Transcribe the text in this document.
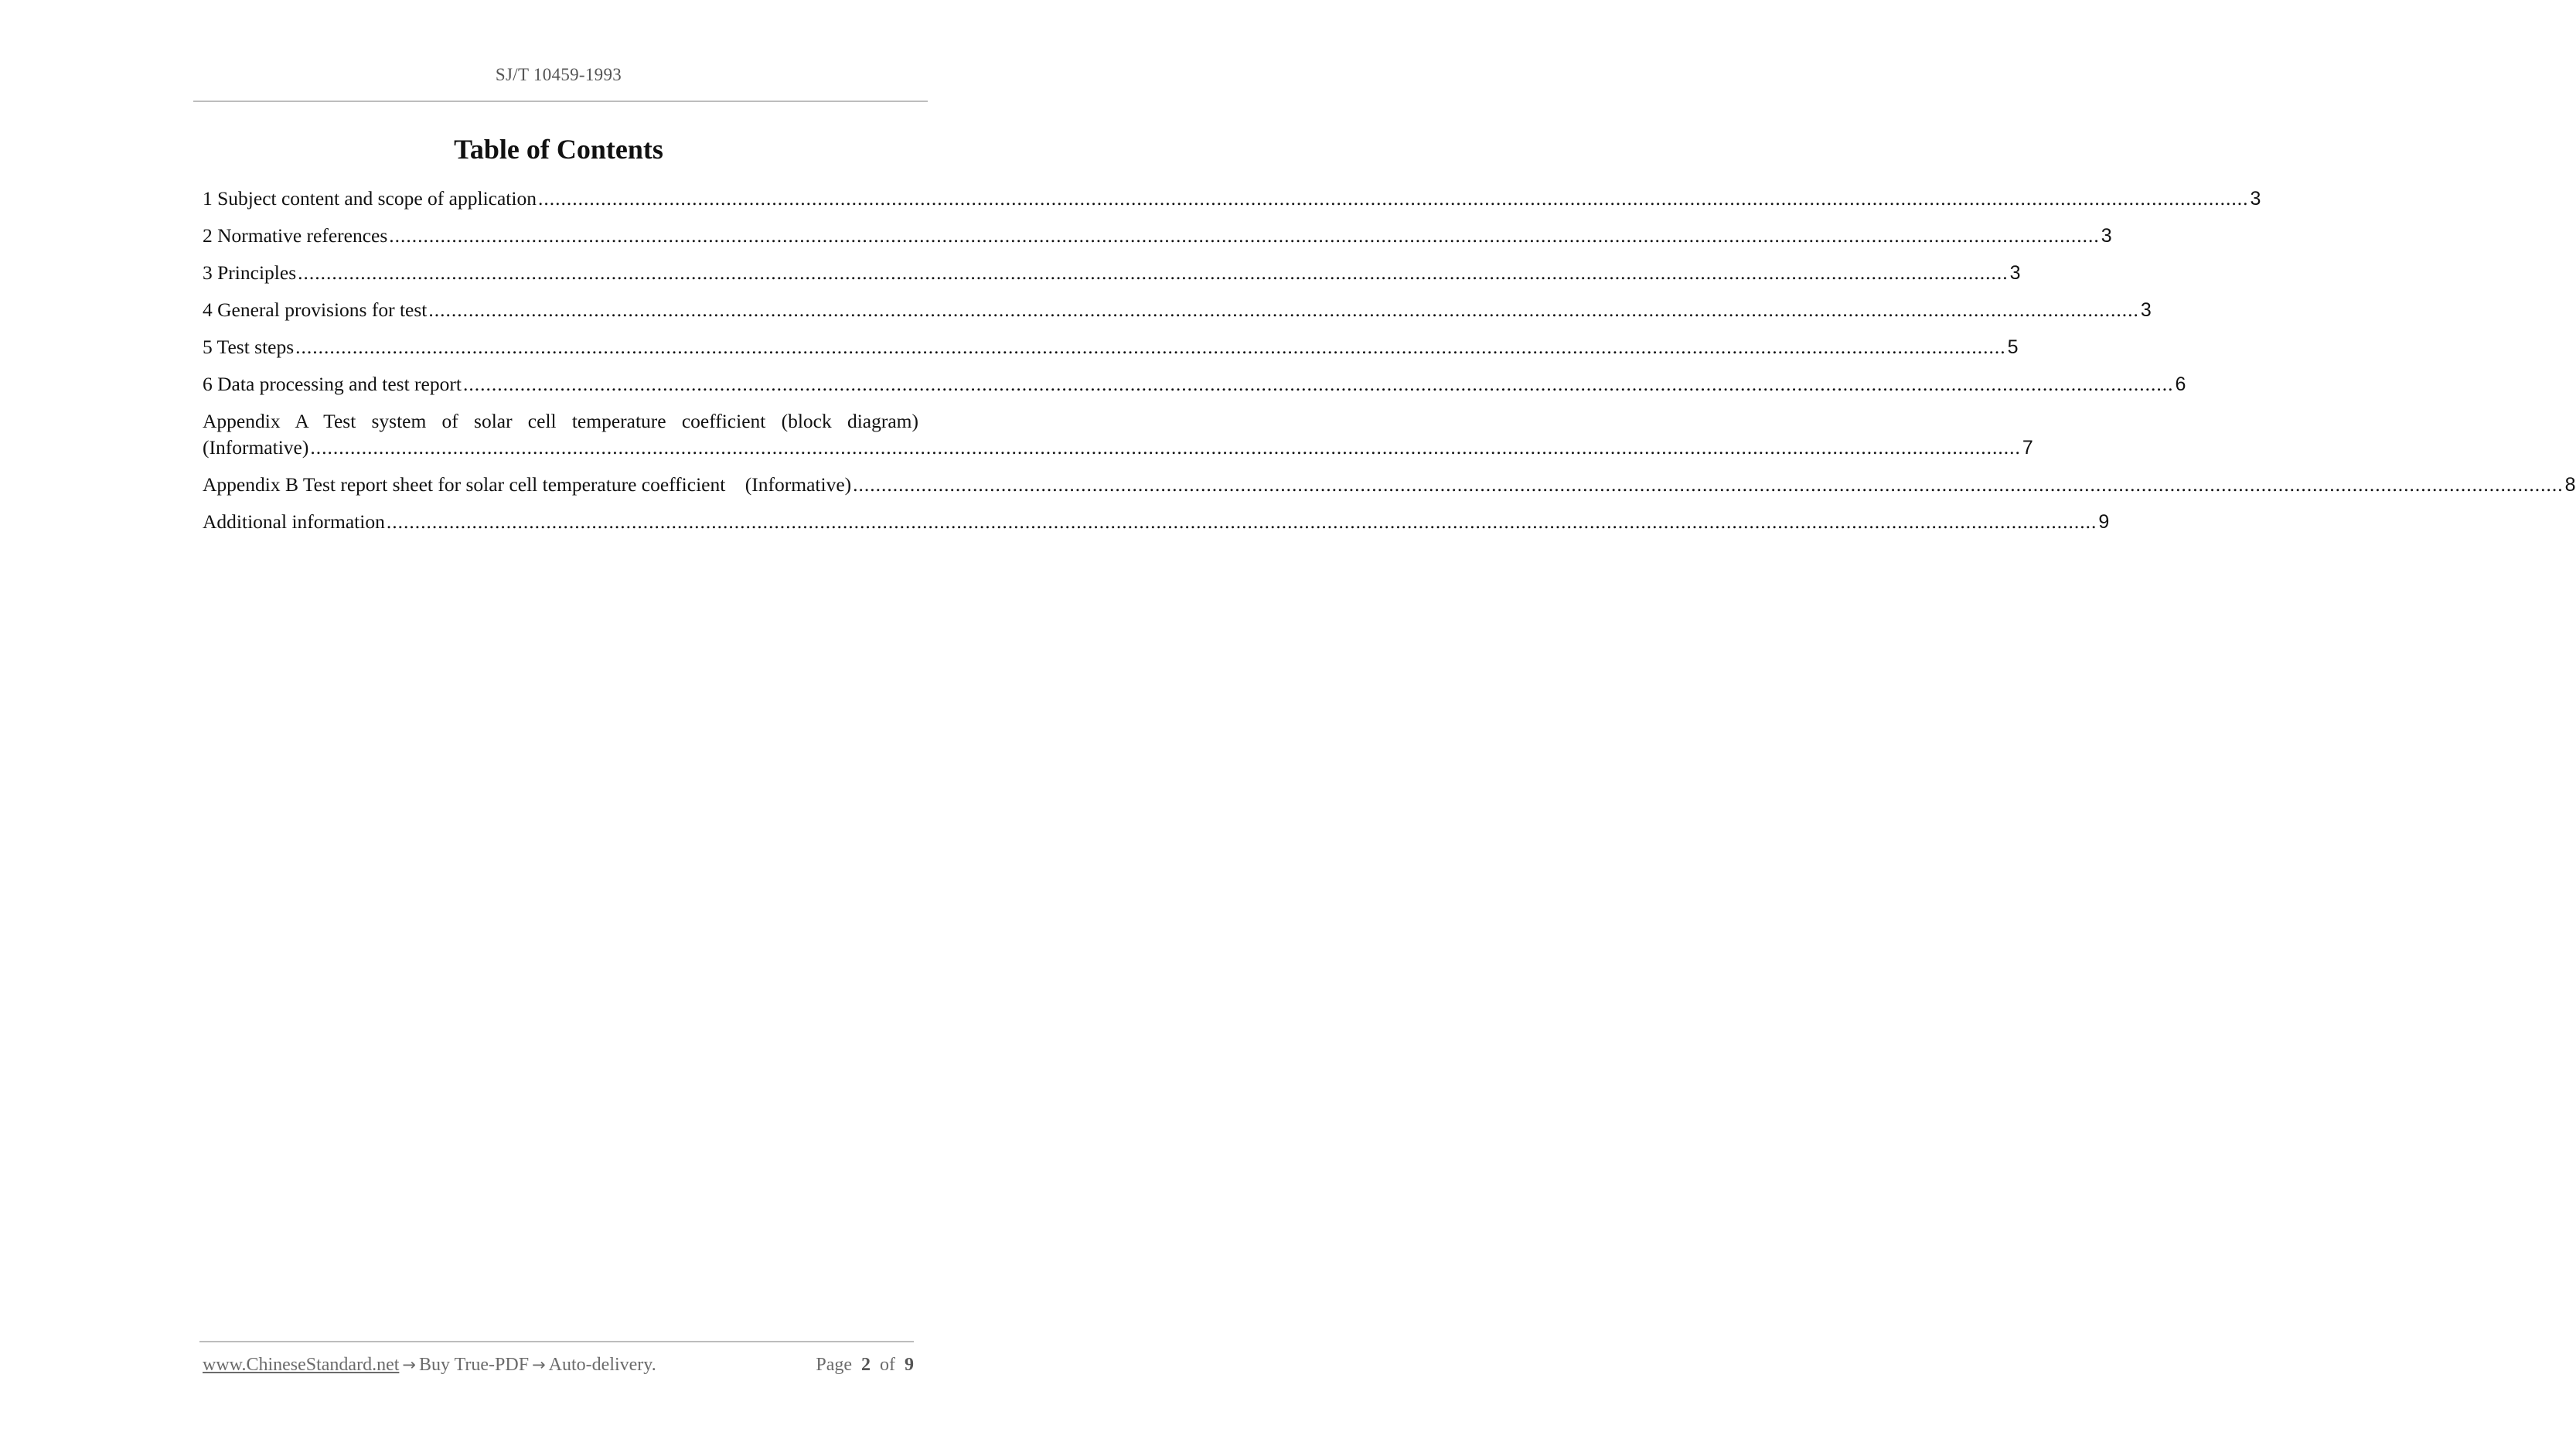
SJ/T 10459-1993
Table of Contents
1 Subject content and scope of application ............................................................................................................................................................................................................................................................................................................ 3
2 Normative references ............................................................................................................................................................................................................................................................................................................ 3
3 Principles ............................................................................................................................................................................................................................................................................................................ 3
4 General provisions for test ............................................................................................................................................................................................................................................................................................................ 3
5 Test steps ............................................................................................................................................................................................................................................................................................................ 5
6 Data processing and test report ............................................................................................................................................................................................................................................................................................................ 6
Appendix A Test system of solar cell temperature coefficient (block diagram)
(Informative) ............................................................................................................................................................................................................................................................................................................ 7
Appendix B Test report sheet for solar cell temperature coefficient (Informative) ............................................................................................................................................................................................................................................................................................................ 8
Additional information ............................................................................................................................................................................................................................................................................................................ 9
www.ChineseStandard.net → Buy True-PDF → Auto-delivery.	Page 2 of 9
